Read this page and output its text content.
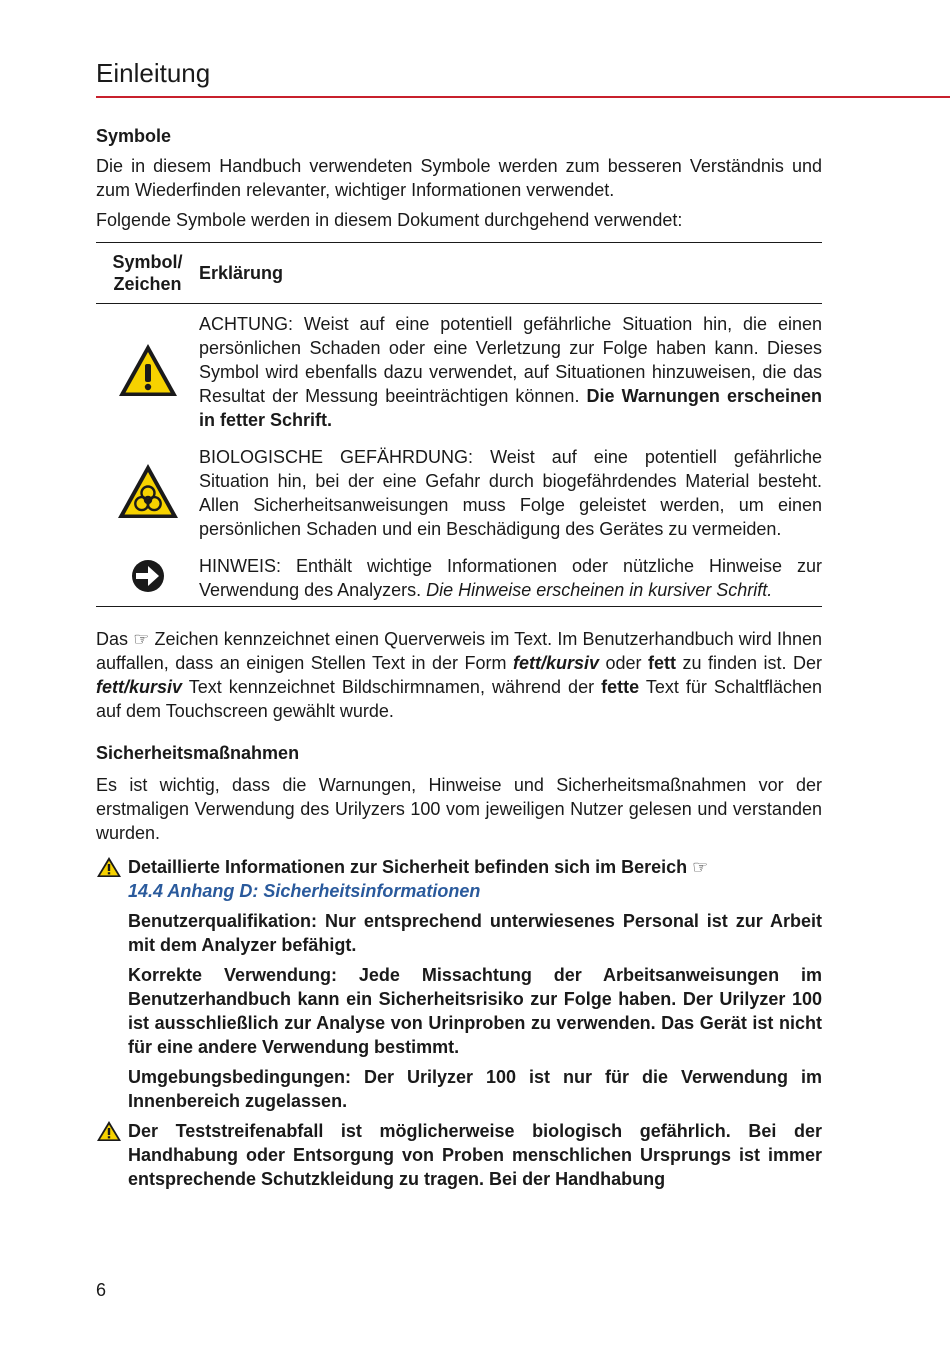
Einleitung
Symbole

Die in diesem Handbuch verwendeten Symbole werden zum besseren Verständnis und zum Wiederfinden relevanter, wichtiger Informationen verwendet.

Folgende Symbole werden in diesem Dokument durchgehend verwendet:

Symbol/
Zeichen	Erklärung
	ACHTUNG: Weist auf eine potentiell gefährliche Situation hin, die einen persönlichen Schaden oder eine Verletzung zur Folge haben kann. Dieses Symbol wird ebenfalls dazu verwendet, auf Situationen hinzuweisen, die das Resultat der Messung beeinträchtigen können. Die Warnungen erscheinen in fetter Schrift.
	BIOLOGISCHE GEFÄHRDUNG: Weist auf eine potentiell gefährliche Situation hin, bei der eine Gefahr durch biogefährdendes Material besteht. Allen Sicherheitsanweisungen muss Folge geleistet werden, um einen persönlichen Schaden und ein Beschädigung des Gerätes zu vermeiden.
	HINWEIS: Enthält wichtige Informationen oder nützliche Hinweise zur Verwendung des Analyzers. Die Hinweise erscheinen in kursiver Schrift.

Das ☞ Zeichen kennzeichnet einen Querverweis im Text. Im Benutzerhandbuch wird Ihnen auffallen, dass an einigen Stellen Text in der Form fett/kursiv oder fett zu finden ist. Der fett/kursiv Text kennzeichnet Bildschirmnamen, während der fette Text für Schaltflächen auf dem Touchscreen gewählt wurde.

Sicherheitsmaßnahmen

Es ist wichtig, dass die Warnungen, Hinweise und Sicherheitsmaßnahmen vor der erstmaligen Verwendung des Urilyzers 100 vom jeweiligen Nutzer gelesen und verstanden wurden.

Detaillierte Informationen zur Sicherheit befinden sich im Bereich ☞
14.4 Anhang D: Sicherheitsinformationen

Benutzerqualifikation: Nur entsprechend unterwiesenes Personal ist zur Arbeit mit dem Analyzer befähigt.

Korrekte Verwendung: Jede Missachtung der Arbeitsanweisungen im Benutzerhandbuch kann ein Sicherheitsrisiko zur Folge haben. Der Urilyzer 100 ist ausschließlich zur Analyse von Urinproben zu verwenden. Das Gerät ist nicht für eine andere Verwendung bestimmt.

Umgebungsbedingungen: Der Urilyzer 100 ist nur für die Verwendung im Innenbereich zugelassen.

Der Teststreifenabfall ist möglicherweise biologisch gefährlich. Bei der Handhabung oder Entsorgung von Proben menschlichen Ursprungs ist immer entsprechende Schutzkleidung zu tragen. Bei der Handhabung

6
